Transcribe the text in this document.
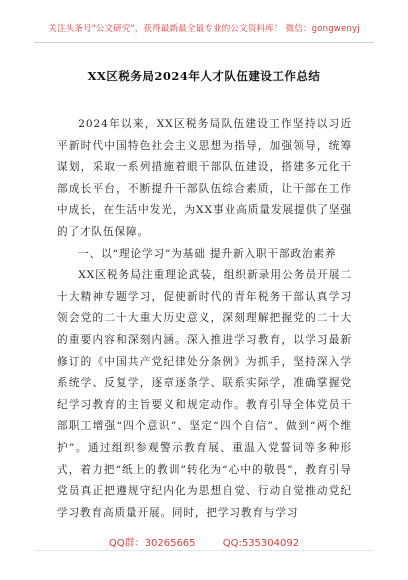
关注头条号"公文研究"，获得最新最全最专业的公文资料库！ 微信：gongwenyj
XX区税务局2024年人才队伍建设工作总结

2024年以来，XX区税务局队伍建设工作坚持以习近平新时代中国特色社会主义思想为指导，加强领导，统筹谋划，采取一系列措施着眼干部队伍建设，搭建多元化干部成长平台，不断提升干部队伍综合素质，让干部在工作中成长，在生活中发光，为XX事业高质量发展提供了坚强的了才队伍保障。

一、以“理论学习”为基础 提升新入职干部政治素养

XX区税务局注重理论武装，组织新录用公务员开展二十大精神专题学习，促使新时代的青年税务干部认真学习领会党的二十大重大历史意义，深刻理解把握党的二十大的重要内容和深刻内涵。深入推进学习教育，以学习最新修订的《中国共产党纪律处分条例》为抓手，坚持深入学系统学、反复学，逐章逐条学、联系实际学，准确掌握党纪学习教育的主旨要义和规定动作。教育引导全体党员干部职工增强“四个意识”、坚定“四个自信”、做到“两个维护”。通过组织参观警示教育展、重温入党誓词等多种形式，着力把“纸上的教训”转化为“心中的敬畏”，教育引导党员真正把遵规守纪内化为思想自觉、行动自觉推动党纪学习教育高质量开展。同时，把学习教育与学习

QQ群：30265665	QQ:535304092
